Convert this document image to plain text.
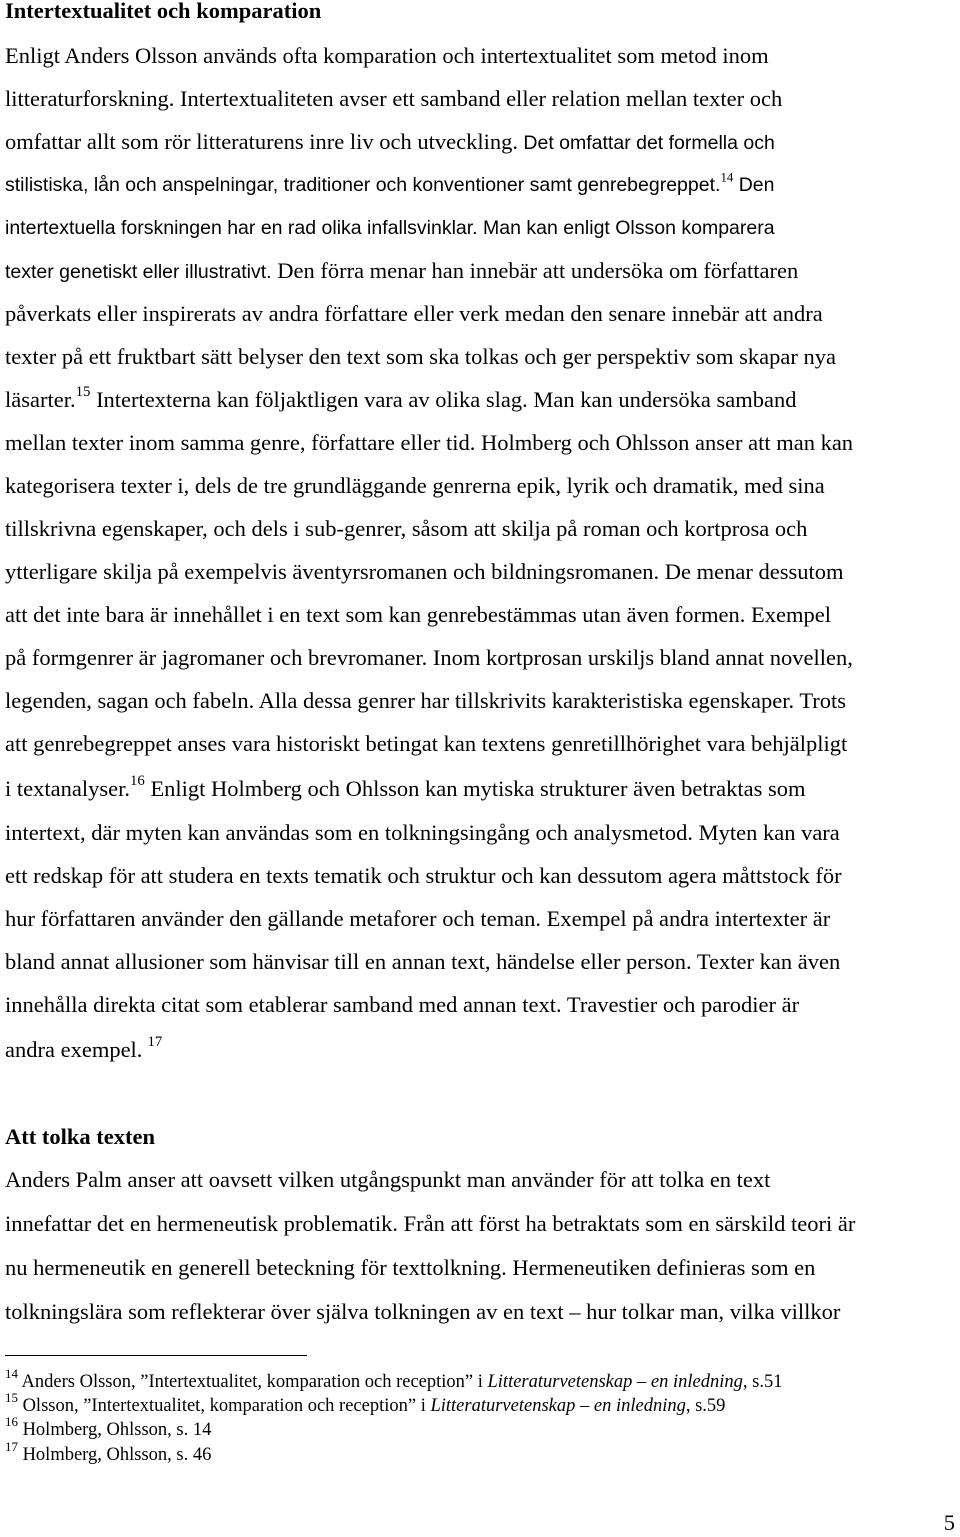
Intertextualitet och komparation

Enligt Anders Olsson används ofta komparation och intertextualitet som metod inom

litteraturforskning. Intertextualiteten avser ett samband eller relation mellan texter och

omfattar allt som rör litteraturens inre liv och utveckling. Det omfattar det formella och

stilistiska, lån och anspelningar, traditioner och konventioner samt genrebegreppet.$^{14}$ Den

intertextuella forskningen har en rad olika infallsvinklar. Man kan enligt Olsson komparera

texter genetiskt eller illustrativt. Den förra menar han innebär att undersöka om författaren

påverkats eller inspirerats av andra författare eller verk medan den senare innebär att andra

texter på ett fruktbart sätt belyser den text som ska tolkas och ger perspektiv som skapar nya

läsarter.$^{15}$ Intertexterna kan följaktligen vara av olika slag. Man kan undersöka samband

mellan texter inom samma genre, författare eller tid. Holmberg och Ohlsson anser att man kan

kategorisera texter i, dels de tre grundläggande genrerna epik, lyrik och dramatik, med sina

tillskrivna egenskaper, och dels i sub-genrer, såsom att skilja på roman och kortprosa och

ytterligare skilja på exempelvis äventyrsromanen och bildningsromanen. De menar dessutom

att det inte bara är innehållet i en text som kan genrebestämmas utan även formen. Exempel

på formgenrer är jagromaner och brevromaner. Inom kortprosan urskiljs bland annat novellen,

legenden, sagan och fabeln. Alla dessa genrer har tillskrivits karakteristiska egenskaper. Trots

att genrebegreppet anses vara historiskt betingat kan textens genretillhörighet vara behjälpligt

i textanalyser.$^{16}$ Enligt Holmberg och Ohlsson kan mytiska strukturer även betraktas som

intertext, där myten kan användas som en tolkningsingång och analysmetod. Myten kan vara

ett redskap för att studera en texts tematik och struktur och kan dessutom agera måttstock för

hur författaren använder den gällande metaforer och teman. Exempel på andra intertexter är

bland annat allusioner som hänvisar till en annan text, händelse eller person. Texter kan även

innehålla direkta citat som etablerar samband med annan text. Travestier och parodier är

andra exempel. $^{17}$

Att tolka texten

Anders Palm anser att oavsett vilken utgångspunkt man använder för att tolka en text

innefattar det en hermeneutisk problematik. Från att först ha betraktats som en särskild teori är

nu hermeneutik en generell beteckning för texttolkning. Hermeneutiken definieras som en

tolkningslära som reflekterar över själva tolkningen av en text – hur tolkar man, vilka villkor

$^{14}$ Anders Olsson, ”Intertextualitet, komparation och reception” i Litteraturvetenskap – en inledning, s.51

$^{15}$ Olsson, ”Intertextualitet, komparation och reception” i Litteraturvetenskap – en inledning, s.59

$^{16}$ Holmberg, Ohlsson, s. 14

$^{17}$ Holmberg, Ohlsson, s. 46

5
